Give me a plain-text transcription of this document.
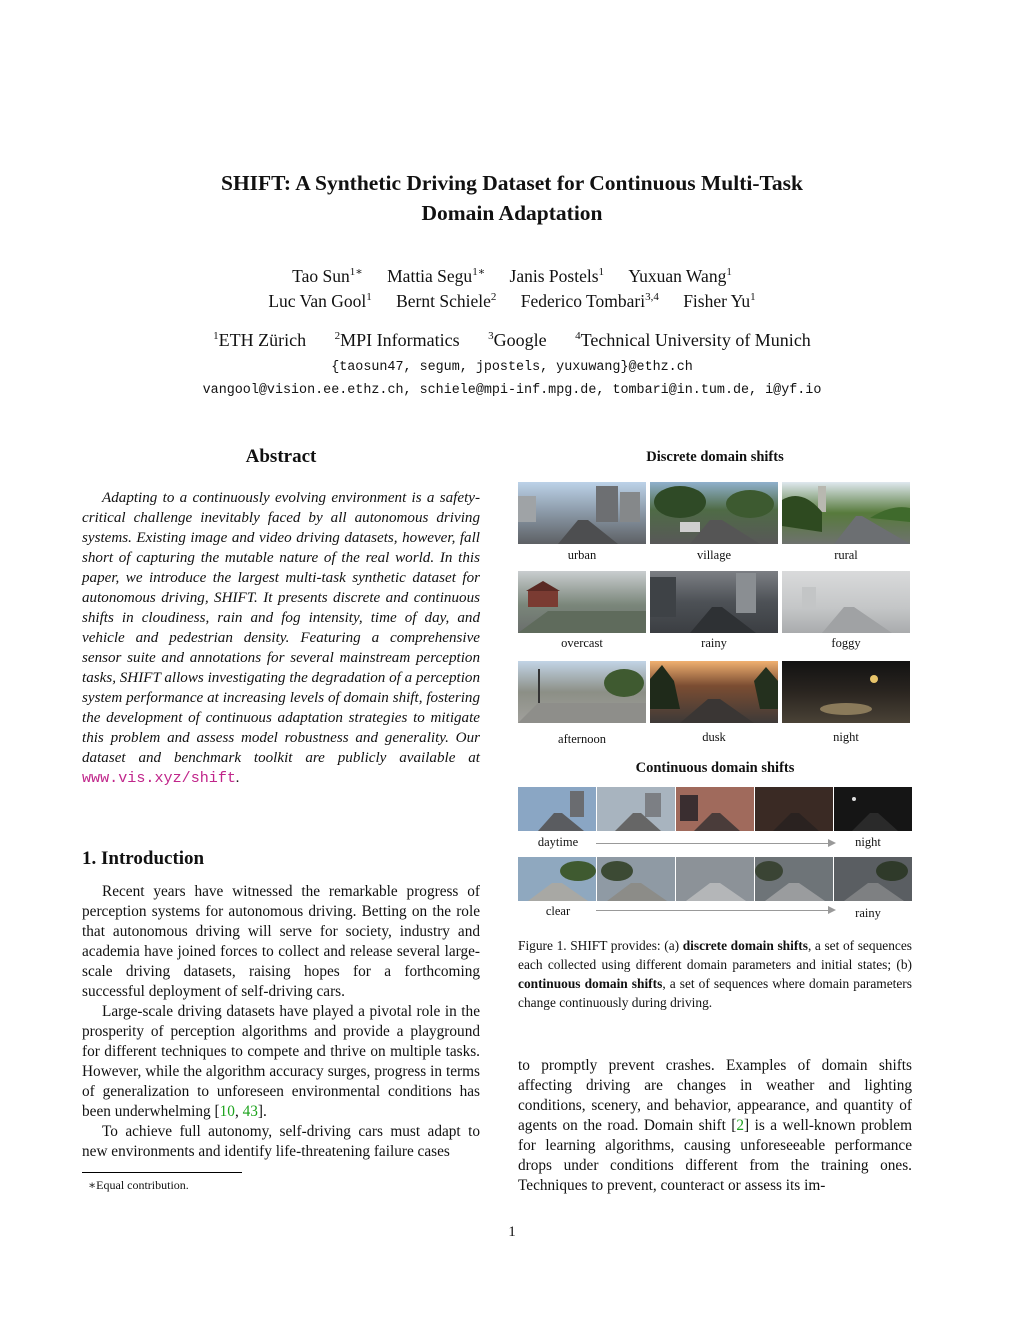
SHIFT: A Synthetic Driving Dataset for Continuous Multi-Task
Domain Adaptation
Tao Sun$^{1∗}$ Mattia Segu$^{1∗}$ Janis Postels$^1$ Yuxuan Wang$^1$
Luc Van Gool$^1$ Bernt Schiele$^2$ Federico Tombari$^{3,4}$ Fisher Yu$^1$
$^1$ETH Zürich	$^2$MPI Informatics	$^3$Google	$^4$Technical University of Munich
{taosun47, segum, jpostels, yuxuwang}@ethz.ch
vangool@vision.ee.ethz.ch, schiele@mpi-inf.mpg.de, tombari@in.tum.de, i@yf.io
Abstract
Adapting to a continuously evolving environment is a safety-critical challenge inevitably faced by all autonomous driving systems. Existing image and video driving datasets, however, fall short of capturing the mutable nature of the real world. In this paper, we introduce the largest multi-task synthetic dataset for autonomous driving, SHIFT. It presents discrete and continuous shifts in cloudiness, rain and fog intensity, time of day, and vehicle and pedestrian density. Featuring a comprehensive sensor suite and annotations for several mainstream perception tasks, SHIFT allows investigating the degradation of a perception system performance at increasing levels of domain shift, fostering the development of continuous adaptation strategies to mitigate this problem and assess model robustness and generality. Our dataset and benchmark toolkit are publicly available at www.vis.xyz/shift.
1. Introduction

Recent years have witnessed the remarkable progress of perception systems for autonomous driving. Betting on the role that autonomous driving will serve for society, industry and academia have joined forces to collect and release several large-scale driving datasets, raising hopes for a forthcoming successful deployment of self-driving cars.

Large-scale driving datasets have played a pivotal role in the prosperity of perception algorithms and provide a playground for different techniques to compete and thrive on multiple tasks. However, while the algorithm accuracy surges, progress in terms of generalization to unforeseen environmental conditions has been underwhelming [10, 43].

To achieve full autonomy, self-driving cars must adapt to new environments and identify life-threatening failure cases

∗Equal contribution.

to promptly prevent crashes. Examples of domain shifts affecting driving are changes in weather and lighting conditions, scenery, and behavior, appearance, and quantity of agents on the road. Domain shift [2] is a well-known problem for learning algorithms, causing unforeseeable performance drops under conditions different from the training ones. Techniques to prevent, counteract or assess its im-

Discrete domain shifts
urban	village	rural
overcast	rainy	foggy
afternoon	dusk	night
Continuous domain shifts
daytime	night
clear	rainy
Figure 1. SHIFT provides: (a) discrete domain shifts, a set of sequences each collected using different domain parameters and initial states; (b) continuous domain shifts, a set of sequences where domain parameters change continuously during driving.
1
